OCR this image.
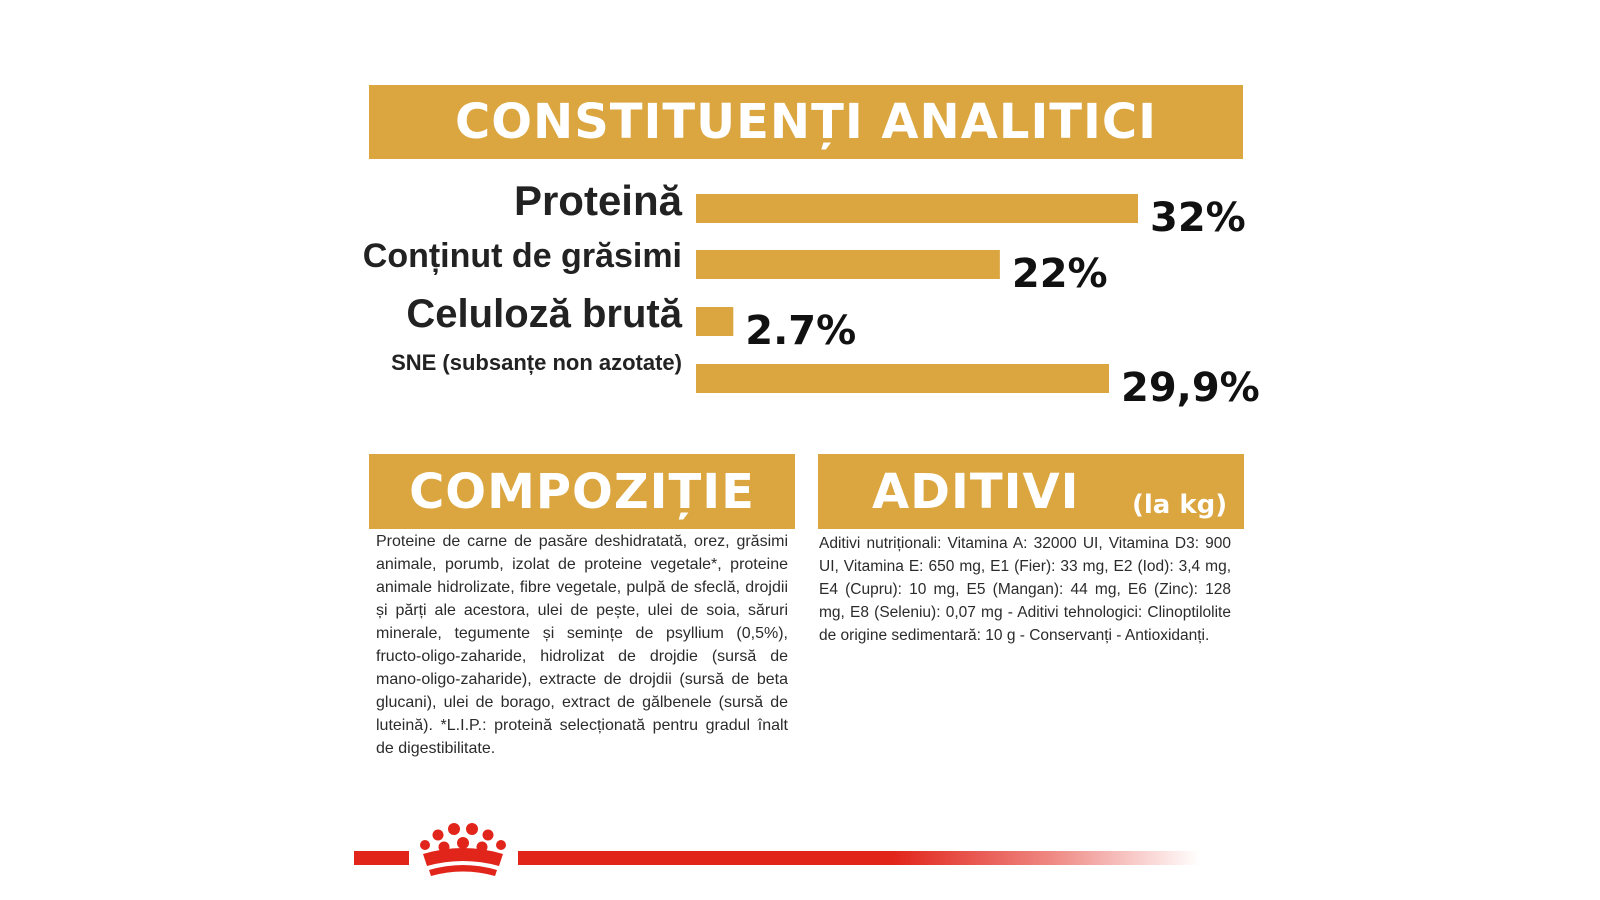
CONSTITUENȚI ANALITICI
Proteină	32%
Conținut de grăsimi	22%
Celuloză brută 2.7%
SNE (subsanțe non azotate)
29,9%
COMPOZIȚIE ADITIVI (la kg)

Proteine de carne de pasăre deshidratată, orez, grăsimi animale, porumb, izolat de proteine vegetale*, proteine animale hidrolizate, fibre vegetale, pulpă de sfeclă, drojdii și părți ale acestora, ulei de pește, ulei de soia, săruri minerale, tegumente și semințe de psyllium (0,5%), fructo-oligo-zaharide, hidrolizat de drojdie (sursă de mano-oligo-zaharide), extracte de drojdii (sursă de beta glucani), ulei de borago, extract de gălbenele (sursă de luteină). *L.I.P.: proteină selecționată pentru gradul înalt de digestibilitate.

Aditivi nutriționali: Vitamina A: 32000 UI, Vitamina D3: 900 UI, Vitamina E: 650 mg, E1 (Fier): 33 mg, E2 (Iod): 3,4 mg, E4 (Cupru): 10 mg, E5 (Mangan): 44 mg, E6 (Zinc): 128 mg, E8 (Seleniu): 0,07 mg - Aditivi tehnologici: Clinoptilolite de origine sedimentară: 10 g - Conservanți - Antioxidanți.
